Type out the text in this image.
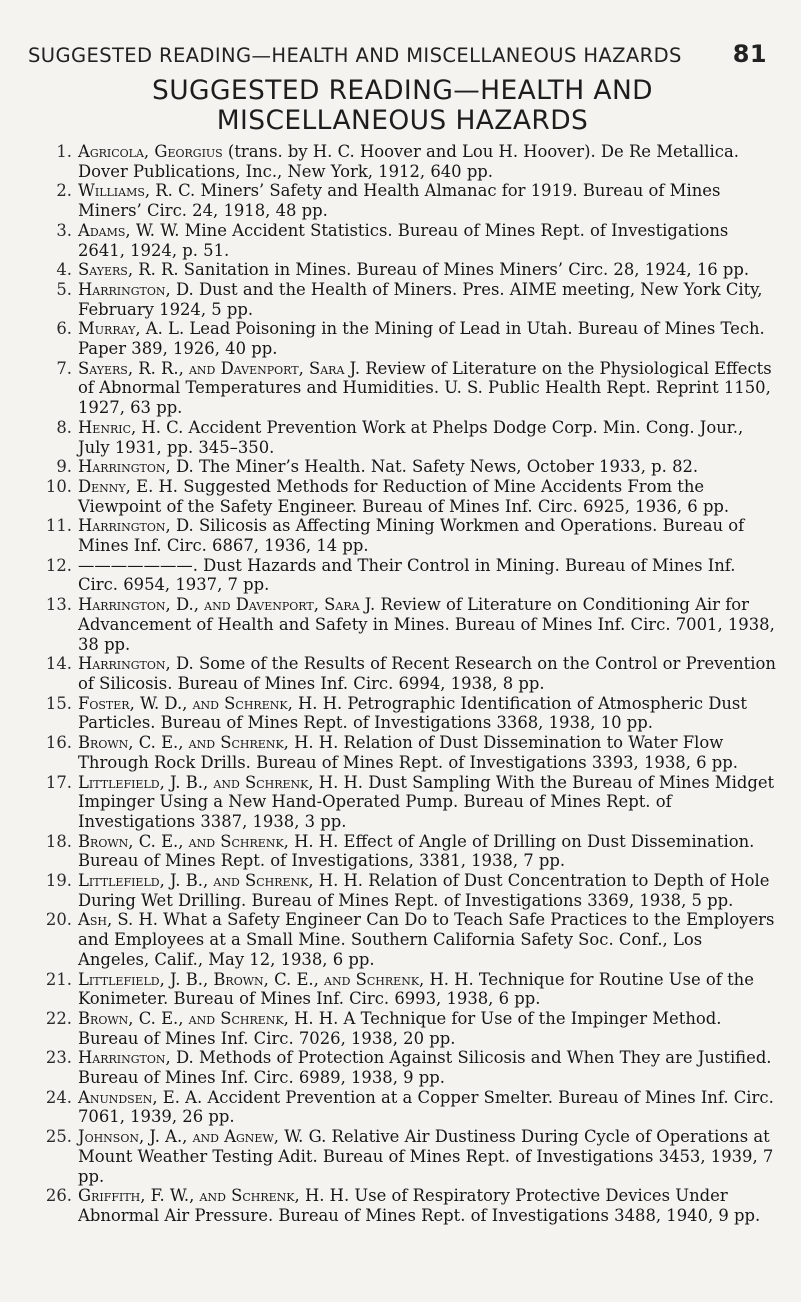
SUGGESTED READING—HEALTH AND MISCELLANEOUS HAZARDS 81
SUGGESTED READING—HEALTH AND
MISCELLANEOUS HAZARDS
1. Agricola, Georgius (trans. by H. C. Hoover and Lou H. Hoover). De Re Metallica. Dover Publications, Inc., New York, 1912, 640 pp.
2. Williams, R. C. Miners’ Safety and Health Almanac for 1919. Bureau of Mines Miners’ Circ. 24, 1918, 48 pp.
3. Adams, W. W. Mine Accident Statistics. Bureau of Mines Rept. of Investigations 2641, 1924, p. 51.
4. Sayers, R. R. Sanitation in Mines. Bureau of Mines Miners’ Circ. 28, 1924, 16 pp.
5. Harrington, D. Dust and the Health of Miners. Pres. AIME meeting, New York City, February 1924, 5 pp.
6. Murray, A. L. Lead Poisoning in the Mining of Lead in Utah. Bureau of Mines Tech. Paper 389, 1926, 40 pp.
7. Sayers, R. R., and Davenport, Sara J. Review of Literature on the Physiological Effects of Abnormal Temperatures and Humidities. U. S. Public Health Rept. Reprint 1150, 1927, 63 pp.
8. Henric, H. C. Accident Prevention Work at Phelps Dodge Corp. Min. Cong. Jour., July 1931, pp. 345–350.
9. Harrington, D. The Miner’s Health. Nat. Safety News, October 1933, p. 82.
10. Denny, E. H. Suggested Methods for Reduction of Mine Accidents From the Viewpoint of the Safety Engineer. Bureau of Mines Inf. Circ. 6925, 1936, 6 pp.
11. Harrington, D. Silicosis as Affecting Mining Workmen and Operations. Bureau of Mines Inf. Circ. 6867, 1936, 14 pp.
12. ———————. Dust Hazards and Their Control in Mining. Bureau of Mines Inf. Circ. 6954, 1937, 7 pp.
13. Harrington, D., and Davenport, Sara J. Review of Literature on Conditioning Air for Advancement of Health and Safety in Mines. Bureau of Mines Inf. Circ. 7001, 1938, 38 pp.
14. Harrington, D. Some of the Results of Recent Research on the Control or Prevention of Silicosis. Bureau of Mines Inf. Circ. 6994, 1938, 8 pp.
15. Foster, W. D., and Schrenk, H. H. Petrographic Identification of Atmospheric Dust Particles. Bureau of Mines Rept. of Investigations 3368, 1938, 10 pp.
16. Brown, C. E., and Schrenk, H. H. Relation of Dust Dissemination to Water Flow Through Rock Drills. Bureau of Mines Rept. of Investigations 3393, 1938, 6 pp.
17. Littlefield, J. B., and Schrenk, H. H. Dust Sampling With the Bureau of Mines Midget Impinger Using a New Hand-Operated Pump. Bureau of Mines Rept. of Investigations 3387, 1938, 3 pp.
18. Brown, C. E., and Schrenk, H. H. Effect of Angle of Drilling on Dust Dissemination. Bureau of Mines Rept. of Investigations, 3381, 1938, 7 pp.
19. Littlefield, J. B., and Schrenk, H. H. Relation of Dust Concentration to Depth of Hole During Wet Drilling. Bureau of Mines Rept. of Investigations 3369, 1938, 5 pp.
20. Ash, S. H. What a Safety Engineer Can Do to Teach Safe Practices to the Employers and Employees at a Small Mine. Southern California Safety Soc. Conf., Los Angeles, Calif., May 12, 1938, 6 pp.
21. Littlefield, J. B., Brown, C. E., and Schrenk, H. H. Technique for Routine Use of the Konimeter. Bureau of Mines Inf. Circ. 6993, 1938, 6 pp.
22. Brown, C. E., and Schrenk, H. H. A Technique for Use of the Impinger Method. Bureau of Mines Inf. Circ. 7026, 1938, 20 pp.
23. Harrington, D. Methods of Protection Against Silicosis and When They are Justified. Bureau of Mines Inf. Circ. 6989, 1938, 9 pp.
24. Anundsen, E. A. Accident Prevention at a Copper Smelter. Bureau of Mines Inf. Circ. 7061, 1939, 26 pp.
25. Johnson, J. A., and Agnew, W. G. Relative Air Dustiness During Cycle of Operations at Mount Weather Testing Adit. Bureau of Mines Rept. of Investigations 3453, 1939, 7 pp.
26. Griffith, F. W., and Schrenk, H. H. Use of Respiratory Protective Devices Under Abnormal Air Pressure. Bureau of Mines Rept. of Investigations 3488, 1940, 9 pp.
